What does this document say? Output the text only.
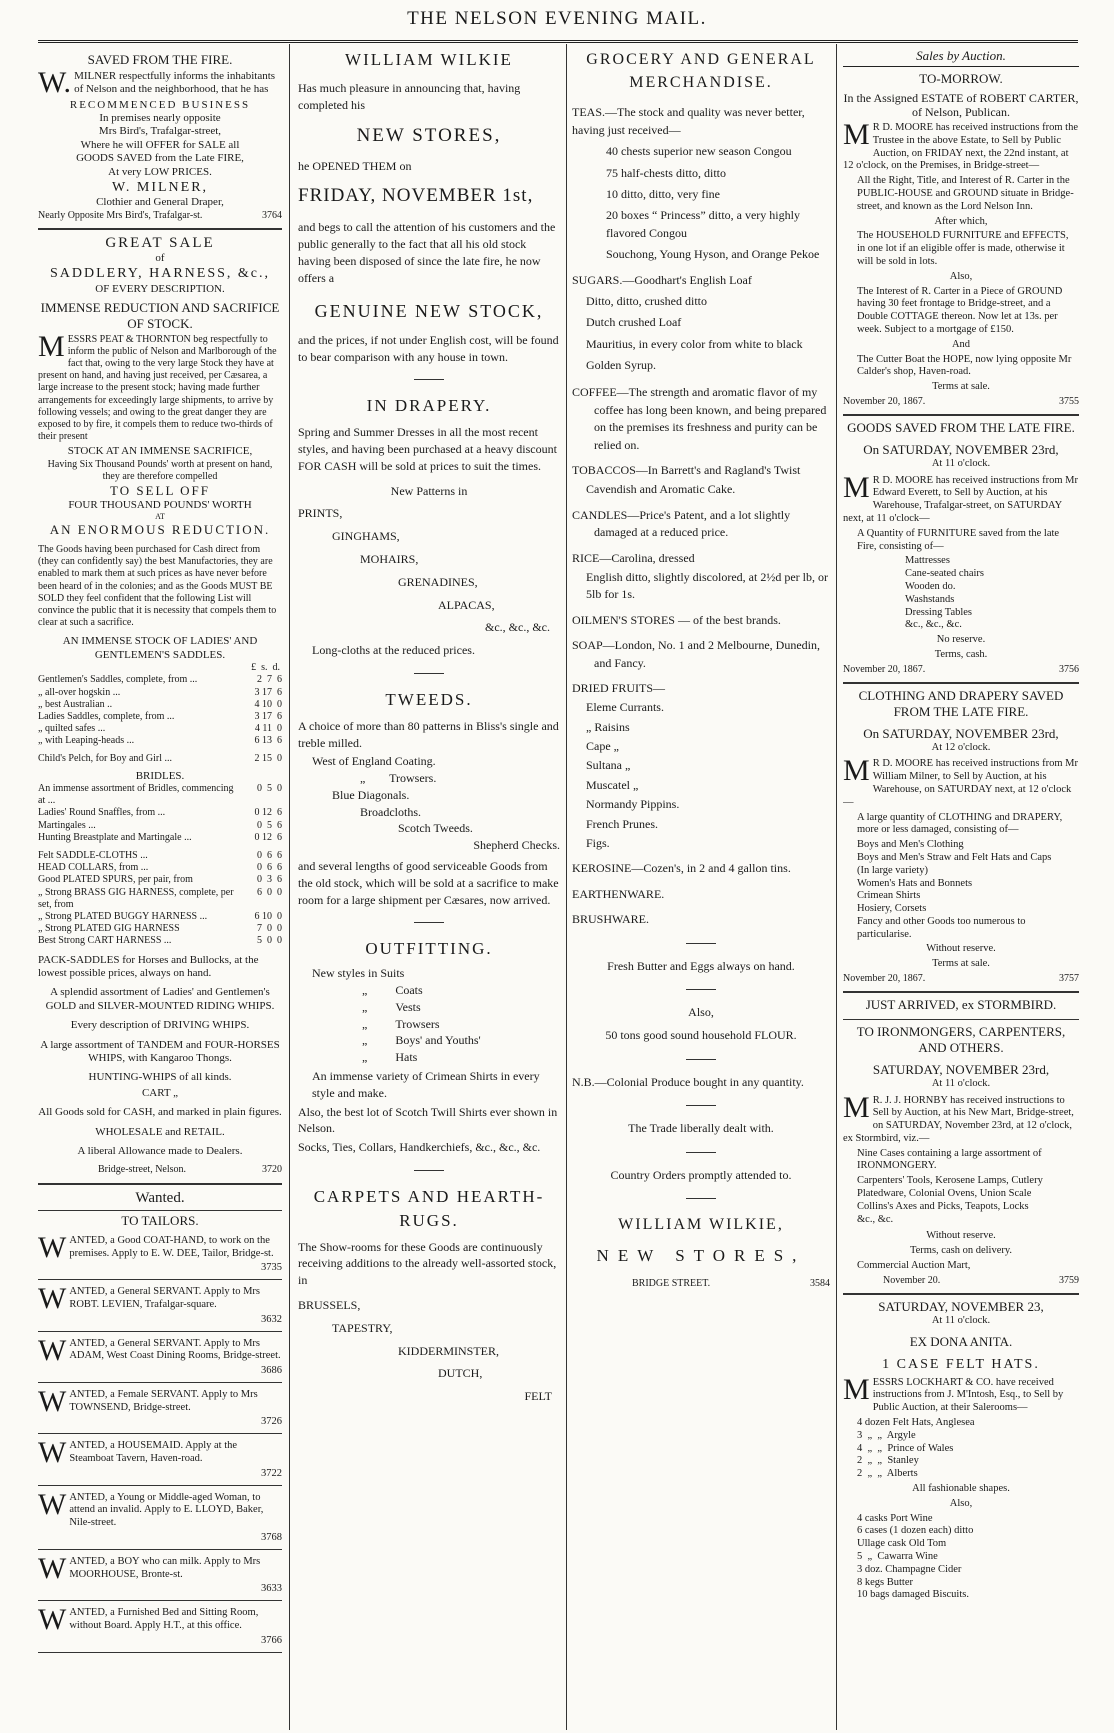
THE NELSON EVENING MAIL.
SAVED FROM THE FIRE.

W.MILNER respectfully informs the inhabitants of Nelson and the neighborhood, that he has

RECOMMENCED BUSINESS
In premises nearly opposite
Mrs Bird's, Trafalgar-street,
Where he will OFFER for SALE all
GOODS SAVED from the Late FIRE,
At very LOW PRICES.
W. MILNER,
Clothier and General Draper,
Nearly Opposite Mrs Bird's, Trafalgar-st.	3764
GREAT SALE
of
SADDLERY, HARNESS, &c.,
OF EVERY DESCRIPTION.
IMMENSE REDUCTION AND SACRIFICE OF STOCK.

MESSRS PEAT & THORNTON beg respectfully to inform the public of Nelson and Marlborough of the fact that, owing to the very large Stock they have at present on hand, and having just received, per Cæsarea, a large increase to the present stock; having made further arrangements for exceedingly large shipments, to arrive by following vessels; and owing to the great danger they are exposed to by fire, it compels them to reduce two-thirds of their present

STOCK AT AN IMMENSE SACRIFICE,
Having Six Thousand Pounds' worth at present on hand, they are therefore compelled
TO SELL OFF
FOUR THOUSAND POUNDS' WORTH
AT
AN ENORMOUS REDUCTION.

The Goods having been purchased for Cash direct from (they can confidently say) the best Manufactories, they are enabled to mark them at such prices as have never before been heard of in the colonies; and as the Goods MUST BE SOLD they feel confident that the following List will convince the public that it is necessity that compels them to clear at such a sacrifice.

AN IMMENSE STOCK OF LADIES' AND GENTLEMEN'S SADDLES.
£  s.  d.
Gentlemen's Saddles, complete, from ...	2  7  6
„ all-over hogskin ...	3 17  6
„ best Australian ..	4 10  0
Ladies Saddles, complete, from ...	3 17  6
„ quilted safes ...	4 11  0
„ with Leaping-heads ...	6 13  6
Child's Pelch, for Boy and Girl ...	2 15  0
BRIDLES.
An immense assortment of Bridles, commencing at ...
0  5  0
Ladies' Round Snaffles, from ...	0 12  6
Martingales ...	0  5  6
Hunting Breastplate and Martingale ...	0 12  6
Felt SADDLE-CLOTHS ...	0  6  6
HEAD COLLARS, from ...	0  6  6
Good PLATED SPURS, per pair, from	0  3  6
„ Strong BRASS GIG HARNESS, complete, per set, from
6  0  0
„ Strong PLATED BUGGY HARNESS ...	6 10  0
„ Strong PLATED GIG HARNESS	7  0  0
Best Strong CART HARNESS ...	5  0  0

PACK-SADDLES for Horses and Bullocks, at the lowest possible prices, always on hand.

A splendid assortment of Ladies' and Gentlemen's GOLD and SILVER-MOUNTED RIDING WHIPS.

Every description of DRIVING WHIPS.

A large assortment of TANDEM and FOUR-HORSES WHIPS, with Kangaroo Thongs.

HUNTING-WHIPS of all kinds.

CART „

All Goods sold for CASH, and marked in plain figures.

WHOLESALE and RETAIL.

A liberal Allowance made to Dealers.

Bridge-street, Nelson.	3720
Wanted.
TO TAILORS.

WANTED, a Good COAT-HAND, to work on the premises. Apply to E. W. DEE, Tailor, Bridge-st.

3735

WANTED, a General SERVANT. Apply to Mrs ROBT. LEVIEN, Trafalgar-square.

3632

WANTED, a General SERVANT. Apply to Mrs ADAM, West Coast Dining Rooms, Bridge-street.

3686

WANTED, a Female SERVANT. Apply to Mrs TOWNSEND, Bridge-street.

3726

WANTED, a HOUSEMAID. Apply at the Steamboat Tavern, Haven-road.

3722

WANTED, a Young or Middle-aged Woman, to attend an invalid. Apply to E. LLOYD, Baker, Nile-street.

3768

WANTED, a BOY who can milk. Apply to Mrs MOORHOUSE, Bronte-st.

3633

WANTED, a Furnished Bed and Sitting Room, without Board. Apply H.T., at this office.

3766
WILLIAM WILKIE

Has much pleasure in announcing that, having completed his

NEW STORES,

he OPENED THEM on

FRIDAY, NOVEMBER 1st,

and begs to call the attention of his customers and the public generally to the fact that all his old stock having been disposed of since the late fire, he now offers a

GENUINE NEW STOCK,

and the prices, if not under English cost, will be found to bear comparison with any house in town.

IN DRAPERY.

Spring and Summer Dresses in all the most recent styles, and having been purchased at a heavy discount FOR CASH will be sold at prices to suit the times.

New Patterns in
PRINTS,
GINGHAMS,
MOHAIRS,
GRENADINES,
ALPACAS,
&c., &c., &c.
Long-cloths at the reduced prices.
TWEEDS.

A choice of more than 80 patterns in Bliss's single and treble milled.

West of England Coating.
„        Trowsers.
Blue Diagonals.
Broadcloths.
Scotch Tweeds.
Shepherd Checks.

and several lengths of good serviceable Goods from the old stock, which will be sold at a sacrifice to make room for a large shipment per Cæsares, now arrived.

OUTFITTING.
New styles in Suits
„ Coats
„ Vests
„ Trowsers
„ Boys' and Youths'
„ Hats

An immense variety of Crimean Shirts in every style and make.

Also, the best lot of Scotch Twill Shirts ever shown in Nelson.

Socks, Ties, Collars, Handkerchiefs, &c., &c., &c.

CARPETS AND HEARTH-RUGS.

The Show-rooms for these Goods are continuously receiving additions to the already well-assorted stock, in

BRUSSELS,
TAPESTRY,
KIDDERMINSTER,
DUTCH,
FELT
GROCERY AND GENERAL MERCHANDISE.

TEAS.—The stock and quality was never better, having just received—

40 chests superior new season Congou
75 half-chests ditto, ditto
10 ditto, ditto, very fine
20 boxes “ Princess” ditto, a very highly flavored Congou
Souchong, Young Hyson, and Orange Pekoe

SUGARS.—Goodhart's English Loaf

Ditto, ditto, crushed ditto
Dutch crushed Loaf
Mauritius, in every color from white to black
Golden Syrup.

COFFEE—The strength and aromatic flavor of my coffee has long been known, and being prepared on the premises its freshness and purity can be relied on.

TOBACCOS—In Barrett's and Ragland's Twist

Cavendish and Aromatic Cake.

CANDLES—Price's Patent, and a lot slightly damaged at a reduced price.

RICE—Carolina, dressed

English ditto, slightly discolored, at 2½d per lb, or 5lb for 1s.

OILMEN'S STORES — of the best brands.

SOAP—London, No. 1 and 2 Melbourne, Dunedin, and Fancy.

DRIED FRUITS—

Eleme Currants.
„ Raisins
Cape „
Sultana „
Muscatel „
Normandy Pippins.
French Prunes.
Figs.

KEROSINE—Cozen's, in 2 and 4 gallon tins.

EARTHENWARE.

BRUSHWARE.

Fresh Butter and Eggs always on hand.

Also,

50 tons good sound household FLOUR.

N.B.—Colonial Produce bought in any quantity.

The Trade liberally dealt with.

Country Orders promptly attended to.

WILLIAM WILKIE,
NEW STORES,
BRIDGE STREET.	3584
Sales by Auction.
TO-MORROW.

In the Assigned ESTATE of ROBERT CARTER, of Nelson, Publican.

MR D. MOORE has received instructions from the Trustee in the above Estate, to Sell by Public Auction, on FRIDAY next, the 22nd instant, at 12 o'clock, on the Premises, in Bridge-street—

All the Right, Title, and Interest of R. Carter in the PUBLIC-HOUSE and GROUND situate in Bridge-street, and known as the Lord Nelson Inn.

After which,

The HOUSEHOLD FURNITURE and EFFECTS, in one lot if an eligible offer is made, otherwise it will be sold in lots.

Also,

The Interest of R. Carter in a Piece of GROUND having 30 feet frontage to Bridge-street, and a Double COTTAGE thereon. Now let at 13s. per week. Subject to a mortgage of £150.

And

The Cutter Boat the HOPE, now lying opposite Mr Calder's shop, Haven-road.

Terms at sale.

November 20, 1867.	3755
GOODS SAVED FROM THE LATE FIRE.
On SATURDAY, NOVEMBER 23rd,
At 11 o'clock.

MR D. MOORE has received instructions from Mr Edward Everett, to Sell by Auction, at his Warehouse, Trafalgar-street, on SATURDAY next, at 11 o'clock—

A Quantity of FURNITURE saved from the late Fire, consisting of—

Mattresses
Cane-seated chairs
Wooden do.
Washstands
Dressing Tables
&c., &c., &c.

No reserve.

Terms, cash.

November 20, 1867.	3756
CLOTHING AND DRAPERY SAVED FROM THE LATE FIRE.
On SATURDAY, NOVEMBER 23rd,
At 12 o'clock.

MR D. MOORE has received instructions from Mr William Milner, to Sell by Auction, at his Warehouse, on SATURDAY next, at 12 o'clock—

A large quantity of CLOTHING and DRAPERY, more or less damaged, consisting of—

Boys and Men's Clothing
Boys and Men's Straw and Felt Hats and Caps
(In large variety)
Women's Hats and Bonnets
Crimean Shirts
Hosiery, Corsets
Fancy and other Goods too numerous to particularise.

Without reserve.

Terms at sale.

November 20, 1867.	3757
JUST ARRIVED, ex STORMBIRD.
TO IRONMONGERS, CARPENTERS, AND OTHERS.
SATURDAY, NOVEMBER 23rd,
At 11 o'clock.

MR. J. J. HORNBY has received instructions to Sell by Auction, at his New Mart, Bridge-street, on SATURDAY, November 23rd, at 12 o'clock, ex Stormbird, viz.—

Nine Cases containing a large assortment of IRONMONGERY.

Carpenters' Tools, Kerosene Lamps, Cutlery
Platedware, Colonial Ovens, Union Scale
Collins's Axes and Picks, Teapots, Locks
&c., &c.

Without reserve.

Terms, cash on delivery.

Commercial Auction Mart,

November 20.	3759
SATURDAY, NOVEMBER 23,
At 11 o'clock.
EX DONA ANITA.
1 CASE FELT HATS.

MESSRS LOCKHART & CO. have received instructions from J. M'Intosh, Esq., to Sell by Public Auction, at their Salerooms—

4 dozen Felt Hats, Anglesea
3  „  „  Argyle
4  „  „  Prince of Wales
2  „  „  Stanley
2  „  „  Alberts

All fashionable shapes.

Also,

4 casks Port Wine
6 cases (1 dozen each) ditto
Ullage cask Old Tom
5  „  Cawarra Wine
3 doz. Champagne Cider
8 kegs Butter
10 bags damaged Biscuits.
